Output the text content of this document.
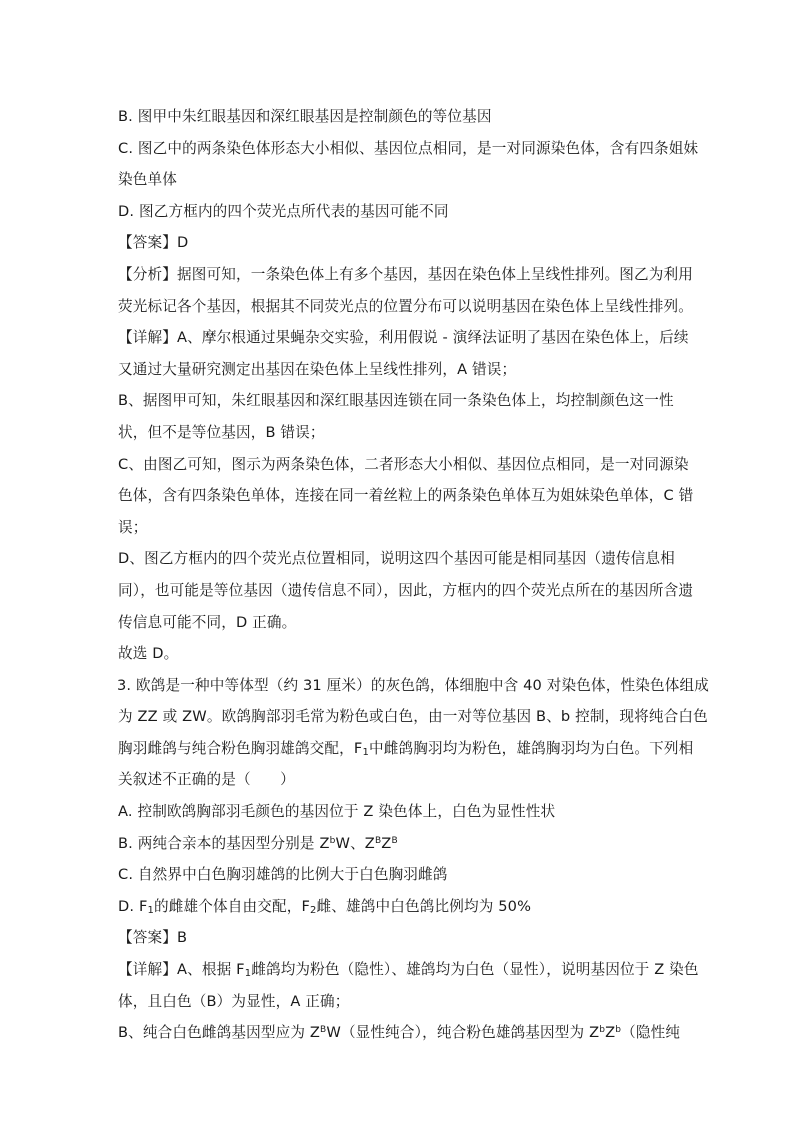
B. 图甲中朱红眼基因和深红眼基因是控制颜色的等位基因
C. 图乙中的两条染色体形态大小相似、基因位点相同，是一对同源染色体，含有四条姐妹
染色单体
D. 图乙方框内的四个荧光点所代表的基因可能不同
【答案】D
【分析】据图可知，一条染色体上有多个基因，基因在染色体上呈线性排列。图乙为利用
荧光标记各个基因，根据其不同荧光点的位置分布可以说明基因在染色体上呈线性排列。
【详解】A、摩尔根通过果蝇杂交实验，利用假说 - 演绎法证明了基因在染色体上，后续
又通过大量研究测定出基因在染色体上呈线性排列，A 错误；
B、据图甲可知，朱红眼基因和深红眼基因连锁在同一条染色体上，均控制颜色这一性
状，但不是等位基因，B 错误；
C、由图乙可知，图示为两条染色体，二者形态大小相似、基因位点相同，是一对同源染
色体，含有四条染色单体，连接在同一着丝粒上的两条染色单体互为姐妹染色单体，C 错
误；
D、图乙方框内的四个荧光点位置相同，说明这四个基因可能是相同基因（遗传信息相
同），也可能是等位基因（遗传信息不同），因此，方框内的四个荧光点所在的基因所含遗
传信息可能不同，D 正确。
故选 D。
3. 欧鸽是一种中等体型（约 31 厘米）的灰色鸽，体细胞中含 40 对染色体，性染色体组成
为 ZZ 或 ZW。欧鸽胸部羽毛常为粉色或白色，由一对等位基因 B、b 控制，现将纯合白色
胸羽雌鸽与纯合粉色胸羽雄鸽交配，$F_1$中雌鸽胸羽均为粉色，雄鸽胸羽均为白色。下列相
关叙述不正确的是（　　）
A. 控制欧鸽胸部羽毛颜色的基因位于 Z 染色体上，白色为显性性状
B. 两纯合亲本的基因型分别是 $Z^bW$、$Z^BZ^B$
C. 自然界中白色胸羽雄鸽的比例大于白色胸羽雌鸽
D. $F_1$的雌雄个体自由交配，$F_2$雌、雄鸽中白色鸽比例均为 50%
【答案】B
【详解】A、根据 $F_1$雌鸽均为粉色（隐性）、雄鸽均为白色（显性），说明基因位于 Z 染色
体，且白色（B）为显性，A 正确；
B、纯合白色雌鸽基因型应为 $Z^BW$（显性纯合），纯合粉色雄鸽基因型为 $Z^bZ^b$（隐性纯
